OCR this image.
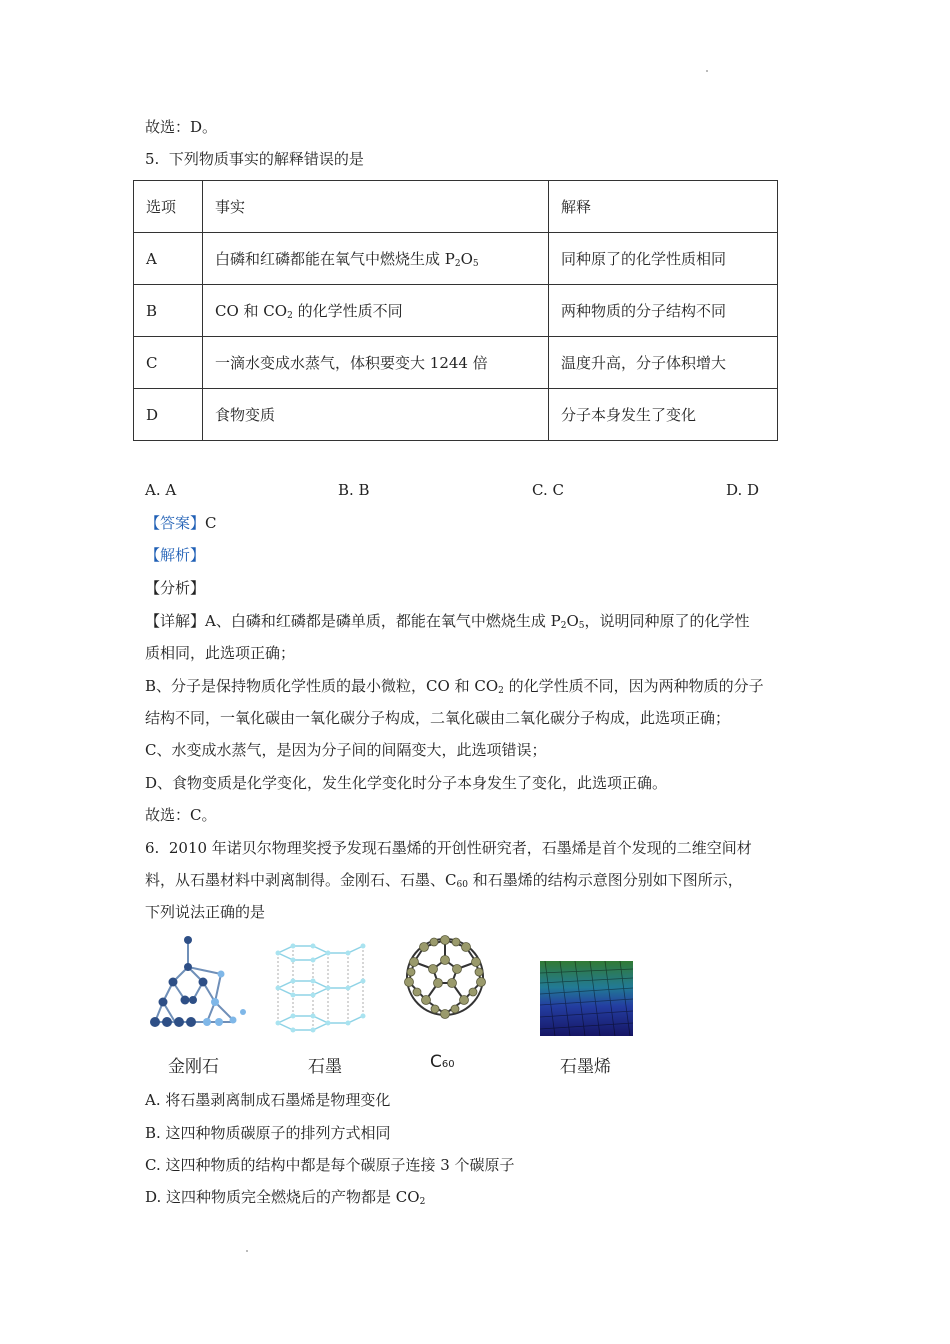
故选：D。
5. 下列物质事实的解释错误的是
选项	事实	解释
A	白磷和红磷都能在氧气中燃烧生成 $P_2O_5$	同种原了的化学性质相同
B	CO 和 $CO_2$ 的化学性质不同	两种物质的分子结构不同
C	一滴水变成水蒸气，体积要变大 1244 倍	温度升高，分子体积增大
D	食物变质	分子本身发生了变化
A. A	B. B	C. C	D. D
【答案】C
【解析】
【分析】
【详解】A、白磷和红磷都是磷单质，都能在氧气中燃烧生成 $P_2O_5$，说明同种原了的化学性
质相同，此选项正确；
B、分子是保持物质化学性质的最小微粒，CO 和 $CO_2$ 的化学性质不同，因为两种物质的分子
结构不同，一氧化碳由一氧化碳分子构成，二氧化碳由二氧化碳分子构成，此选项正确；
C、水变成水蒸气，是因为分子间的间隔变大，此选项错误；
D、食物变质是化学变化，发生化学变化时分子本身发生了变化，此选项正确。
故选：C。
6. 2010 年诺贝尔物理奖授予发现石墨烯的开创性研究者，石墨烯是首个发现的二维空间材
料，从石墨材料中剥离制得。金刚石、石墨、$C_{60}$ 和石墨烯的结构示意图分别如下图所示，
下列说法正确的是
金刚石	石墨	C60	石墨烯
A. 将石墨剥离制成石墨烯是物理变化
B. 这四种物质碳原子的排列方式相同
C. 这四种物质的结构中都是每个碳原子连接 3 个碳原子
D. 这四种物质完全燃烧后的产物都是 $CO_2$
